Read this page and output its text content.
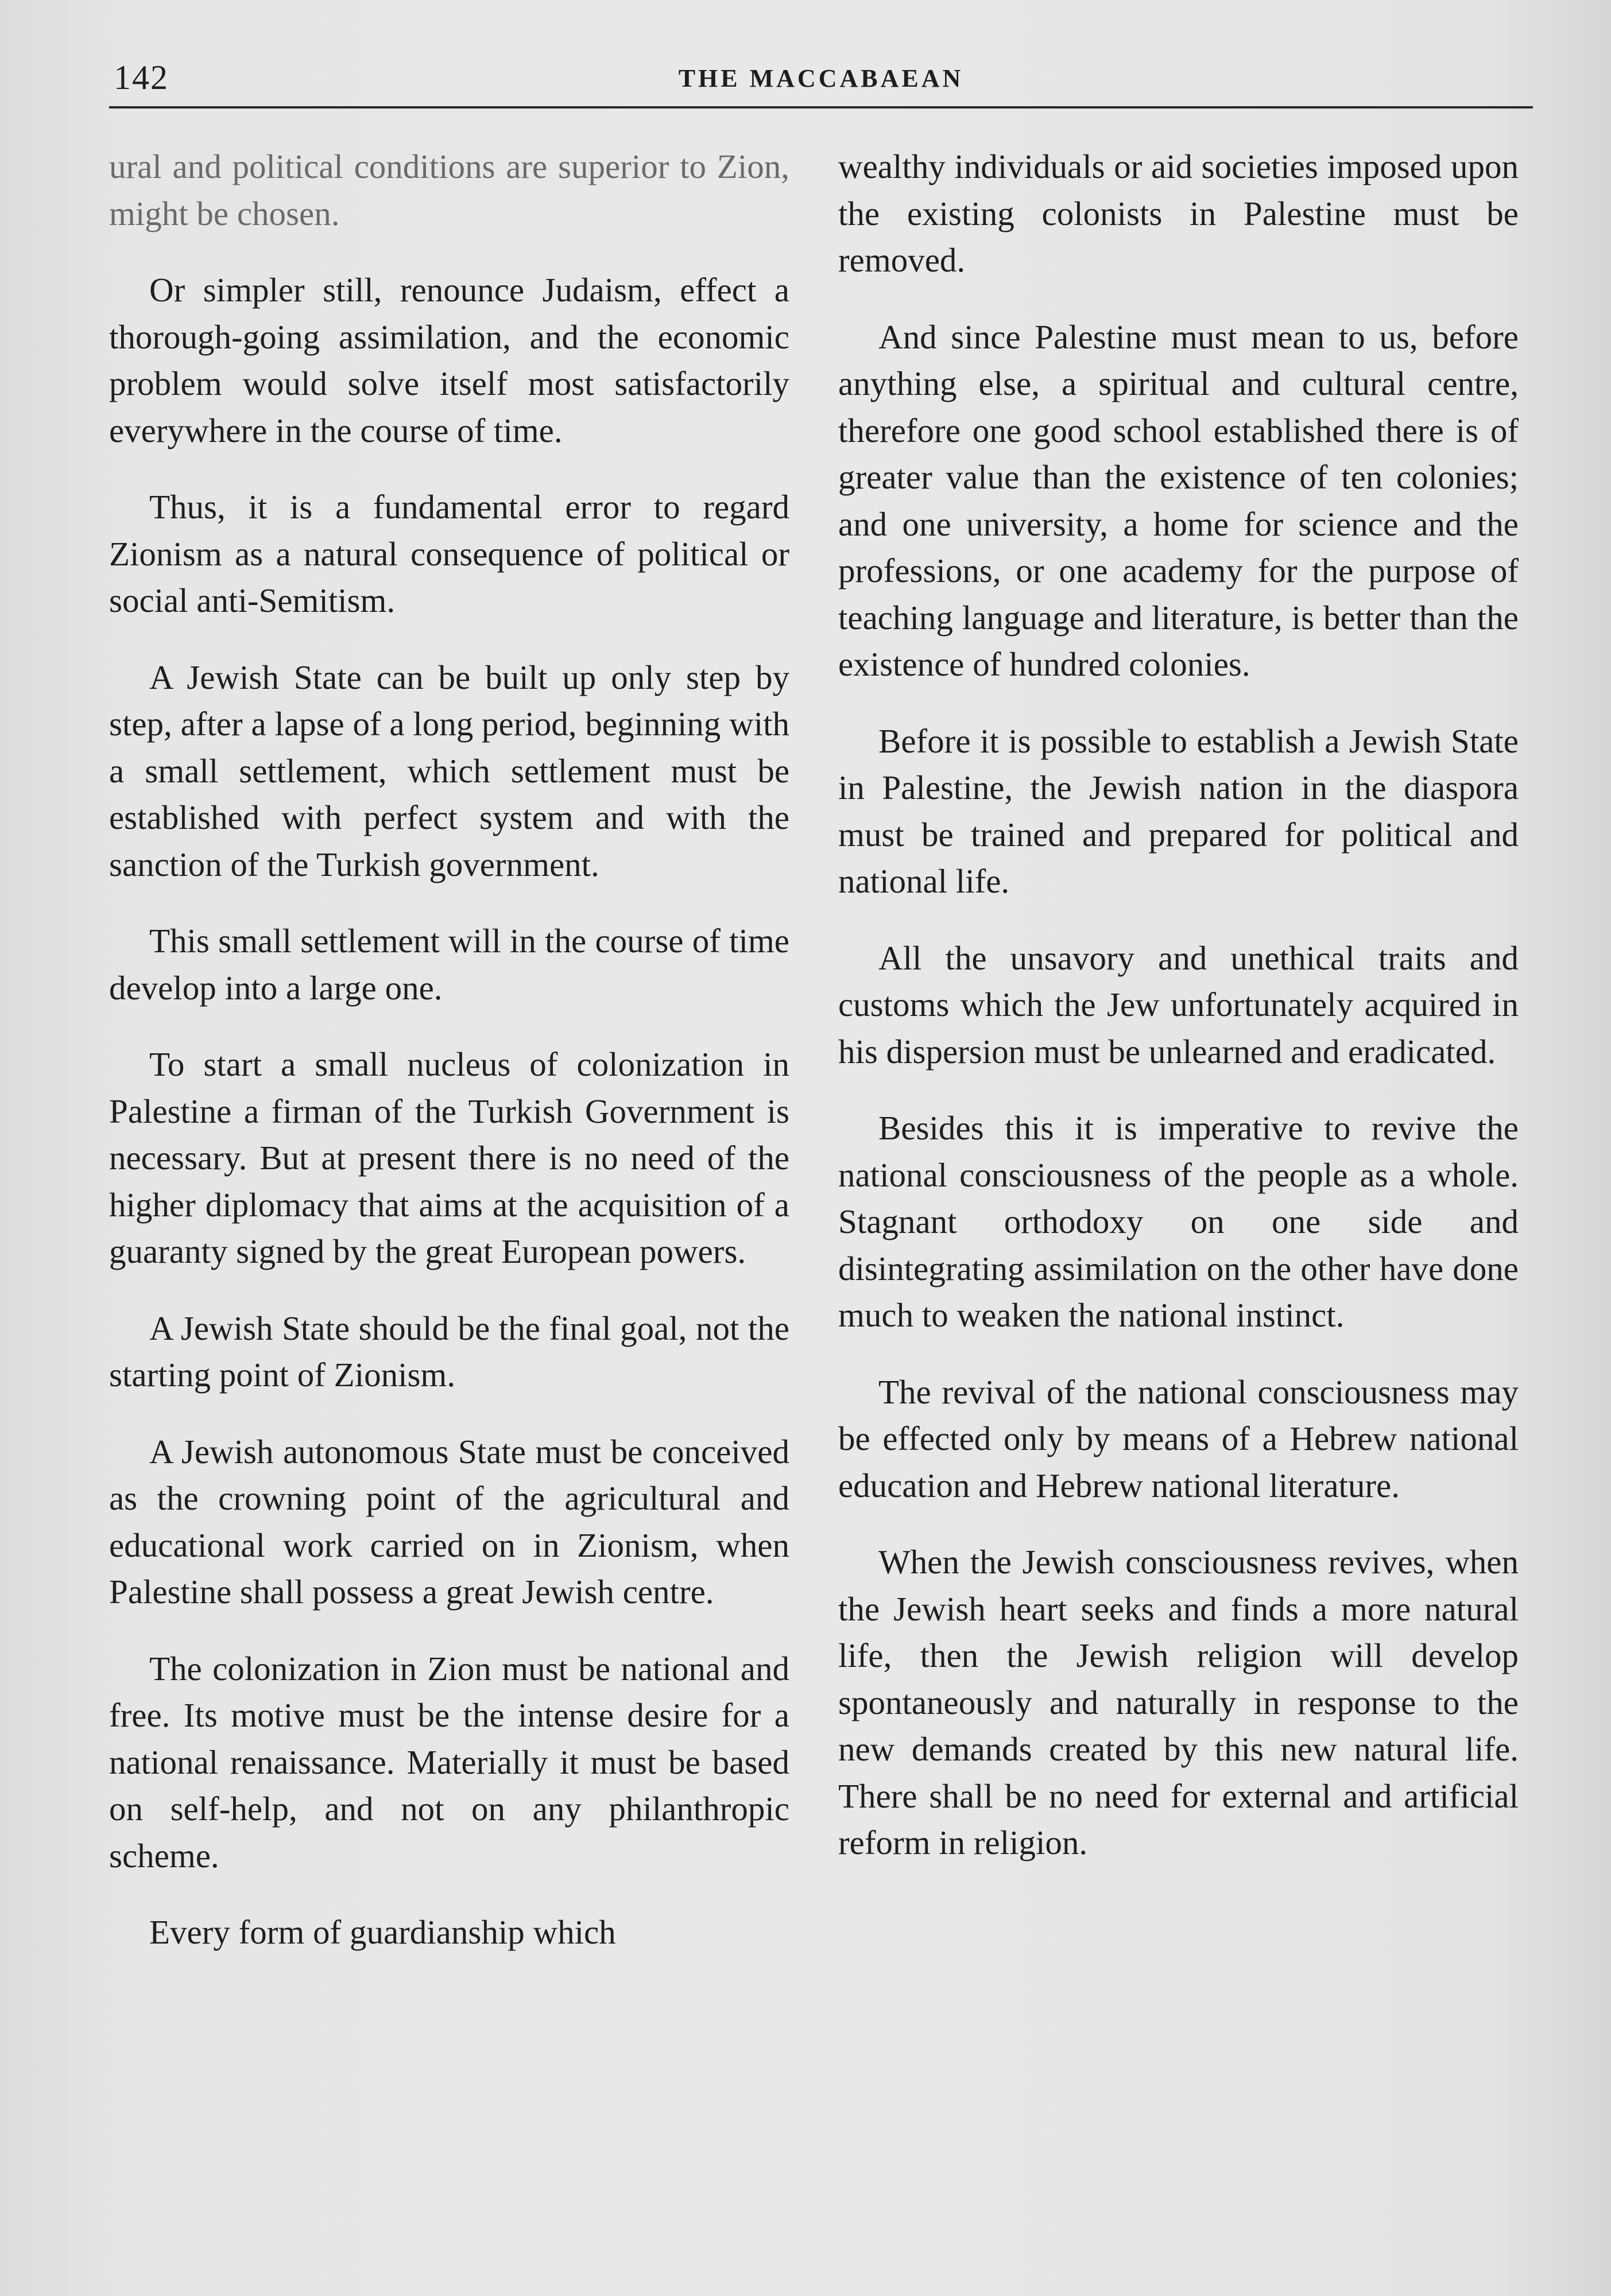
142	THE MACCABAEAN

ural and political conditions are superior to Zion, might be chosen.

Or simpler still, renounce Judaism, effect a thorough-going assimilation, and the economic problem would solve itself most satisfactorily everywhere in the course of time.

Thus, it is a fundamental error to regard Zionism as a natural consequence of political or social anti-Semitism.

A Jewish State can be built up only step by step, after a lapse of a long period, beginning with a small settlement, which settlement must be established with perfect system and with the sanction of the Turkish government.

This small settlement will in the course of time develop into a large one.

To start a small nucleus of colonization in Palestine a firman of the Turkish Government is necessary. But at present there is no need of the higher diplomacy that aims at the acquisition of a guaranty signed by the great European powers.

A Jewish State should be the final goal, not the starting point of Zionism.

A Jewish autonomous State must be conceived as the crowning point of the agricultural and educational work carried on in Zionism, when Palestine shall possess a great Jewish centre.

The colonization in Zion must be national and free. Its motive must be the intense desire for a national renaissance. Materially it must be based on self-help, and not on any philanthropic scheme.

Every form of guardianship which

wealthy individuals or aid societies imposed upon the existing colonists in Palestine must be removed.

And since Palestine must mean to us, before anything else, a spiritual and cultural centre, therefore one good school established there is of greater value than the existence of ten colonies; and one university, a home for science and the professions, or one academy for the purpose of teaching language and literature, is better than the existence of hundred colonies.

Before it is possible to establish a Jewish State in Palestine, the Jewish nation in the diaspora must be trained and prepared for political and national life.

All the unsavory and unethical traits and customs which the Jew unfortunately acquired in his dispersion must be unlearned and eradicated.

Besides this it is imperative to revive the national consciousness of the people as a whole. Stagnant orthodoxy on one side and disintegrating assimilation on the other have done much to weaken the national instinct.

The revival of the national consciousness may be effected only by means of a Hebrew national education and Hebrew national literature.

When the Jewish consciousness revives, when the Jewish heart seeks and finds a more natural life, then the Jewish religion will develop spontaneously and naturally in response to the new demands created by this new natural life. There shall be no need for external and artificial reform in religion.
